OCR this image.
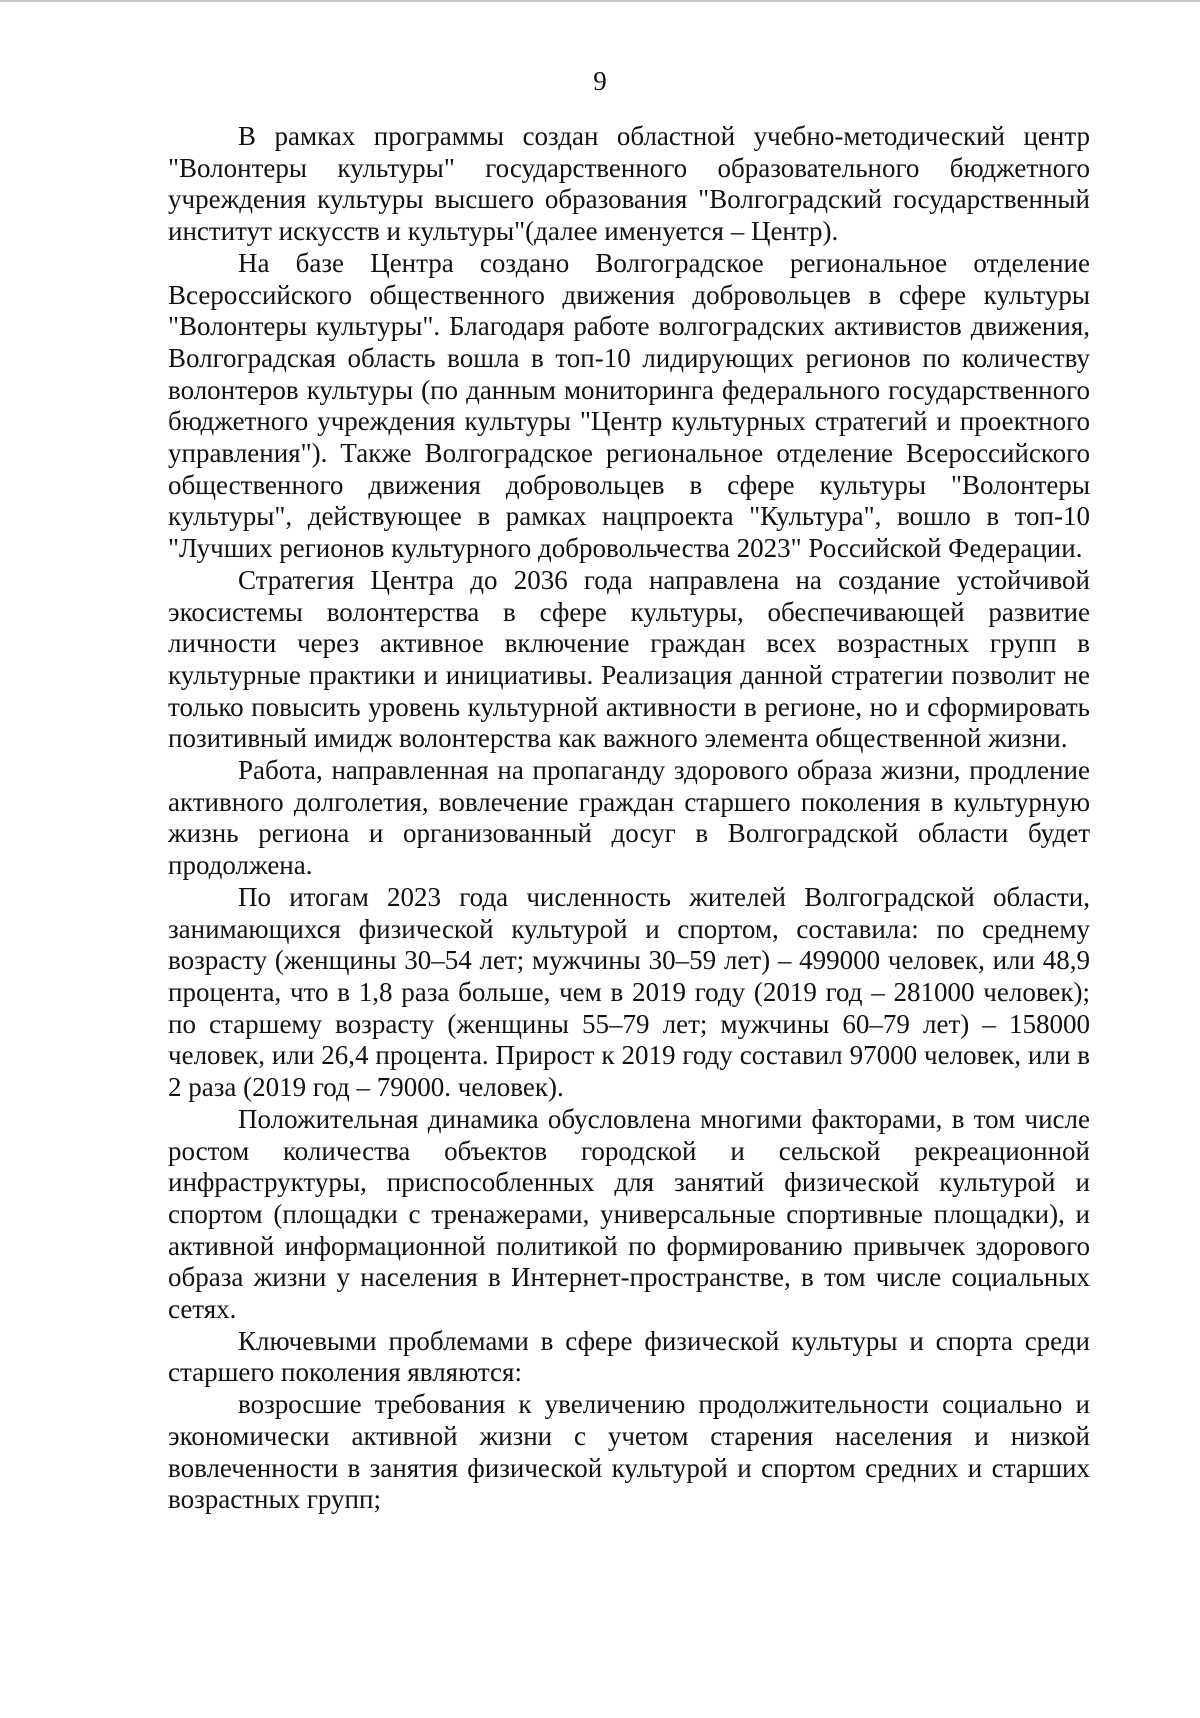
9

В рамках программы создан областной учебно-методический центр "Волонтеры культуры" государственного образовательного бюджетного учреждения культуры высшего образования "Волгоградский государственный институт искусств и культуры"(далее именуется – Центр).

На базе Центра создано Волгоградское региональное отделение Всероссийского общественного движения добровольцев в сфере культуры "Волонтеры культуры". Благодаря работе волгоградских активистов движения, Волгоградская область вошла в топ-10 лидирующих регионов по количеству волонтеров культуры (по данным мониторинга федерального государственного бюджетного учреждения культуры "Центр культурных стратегий и проектного управления"). Также Волгоградское региональное отделение Всероссийского общественного движения добровольцев в сфере культуры "Волонтеры культуры", действующее в рамках нацпроекта "Культура", вошло в топ-10 "Лучших регионов культурного добровольчества 2023" Российской Федерации.

Стратегия Центра до 2036 года направлена на создание устойчивой экосистемы волонтерства в сфере культуры, обеспечивающей развитие личности через активное включение граждан всех возрастных групп в культурные практики и инициативы. Реализация данной стратегии позволит не только повысить уровень культурной активности в регионе, но и сформировать позитивный имидж волонтерства как важного элемента общественной жизни.

Работа, направленная на пропаганду здорового образа жизни, продление активного долголетия, вовлечение граждан старшего поколения в культурную жизнь региона и организованный досуг в Волгоградской области будет продолжена.

По итогам 2023 года численность жителей Волгоградской области, занимающихся физической культурой и спортом, составила: по среднему возрасту (женщины 30–54 лет; мужчины 30–59 лет) – 499000 человек, или 48,9 процента, что в 1,8 раза больше, чем в 2019 году (2019 год – 281000 человек); по старшему возрасту (женщины 55–79 лет; мужчины 60–79 лет) – 158000 человек, или 26,4 процента. Прирост к 2019 году составил 97000 человек, или в 2 раза (2019 год – 79000. человек).

Положительная динамика обусловлена многими факторами, в том числе ростом количества объектов городской и сельской рекреационной инфраструктуры, приспособленных для занятий физической культурой и спортом (площадки с тренажерами, универсальные спортивные площадки), и активной информационной политикой по формированию привычек здорового образа жизни у населения в Интернет-пространстве, в том числе социальных сетях.

Ключевыми проблемами в сфере физической культуры и спорта среди старшего поколения являются:

возросшие требования к увеличению продолжительности социально и экономически активной жизни с учетом старения населения и низкой вовлеченности в занятия физической культурой и спортом средних и старших возрастных групп;
